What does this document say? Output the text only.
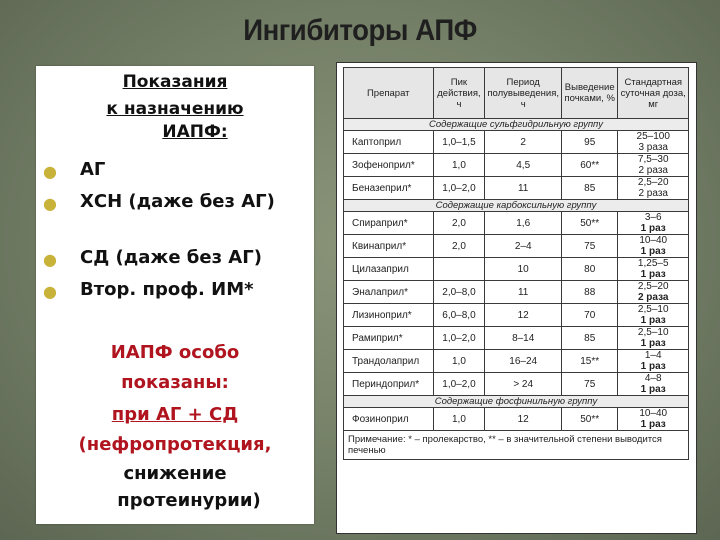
Ингибиторы АПФ
Показания
к назначению
ИАПФ:
● АГ
● ХСН (даже без АГ)
● СД (даже без АГ)
● Втор. проф. ИМ*
ИАПФ особо
показаны:
при АГ + СД
(нефропротекция,
снижение
протеинурии)
Препарат	Пик действия, ч	Период полувыведения, ч	Выведение почками, %	Стандартная суточная доза, мг
Содержащие сульфгидрильную группу				
Каптоприл	1,0–1,5	2	95	25–100
3 раза
Зофеноприл*	1,0	4,5	60**	7,5–30
2 раза
Беназеприл*	1,0–2,0	11	85	2,5–20
2 раза
Содержащие карбоксильную группу				
Спираприл*	2,0	1,6	50**	3–6
1 раз
Квинаприл*	2,0	2–4	75	10–40
1 раз
Цилазаприл		10	80	1,25–5
1 раз
Эналаприл*	2,0–8,0	11	88	2,5–20
2 раза
Лизиноприл*	6,0–8,0	12	70	2,5–10
1 раз
Рамиприл*	1,0–2,0	8–14	85	2,5–10
1 раз
Трандолаприл	1,0	16–24	15**	1–4
1 раз
Периндоприл*	1,0–2,0	> 24	75	4–8
1 раз
Содержащие фосфинильную группу				
Фозиноприл	1,0	12	50**	10–40
1 раз
Примечание: * – пролекарство, ** – в значительной степени выводится печенью				
